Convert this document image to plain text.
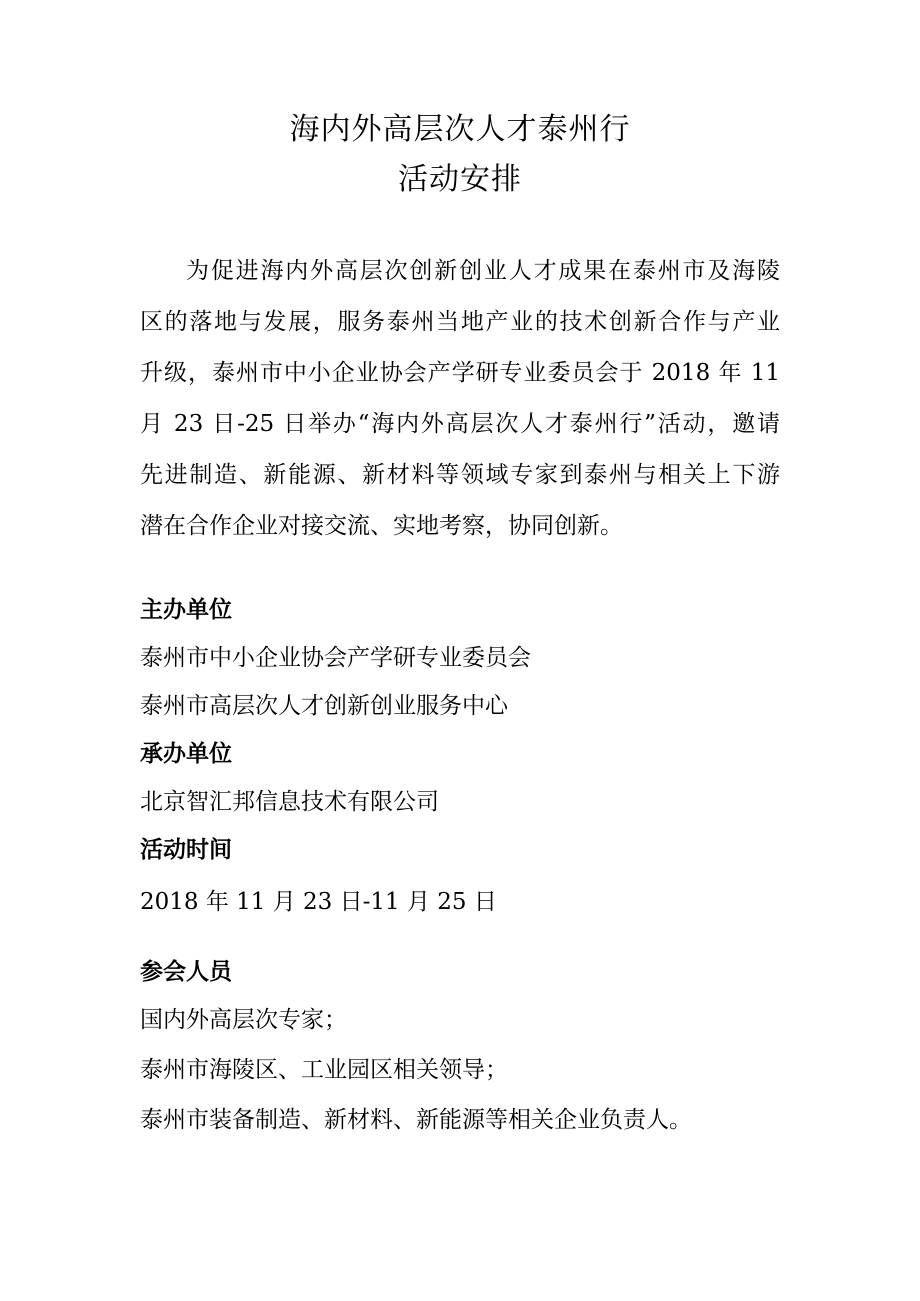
海内外高层次人才泰州行
活动安排
为促进海内外高层次创新创业人才成果在泰州市及海陵
区的落地与发展，服务泰州当地产业的技术创新合作与产业
升级，泰州市中小企业协会产学研专业委员会于 2018 年 11
月 23 日-25 日举办“海内外高层次人才泰州行”活动，邀请
先进制造、新能源、新材料等领域专家到泰州与相关上下游
潜在合作企业对接交流、实地考察，协同创新。
主办单位
泰州市中小企业协会产学研专业委员会
泰州市高层次人才创新创业服务中心
承办单位
北京智汇邦信息技术有限公司
活动时间
2018 年 11 月 23 日-11 月 25 日
参会人员
国内外高层次专家；
泰州市海陵区、工业园区相关领导；
泰州市装备制造、新材料、新能源等相关企业负责人。
